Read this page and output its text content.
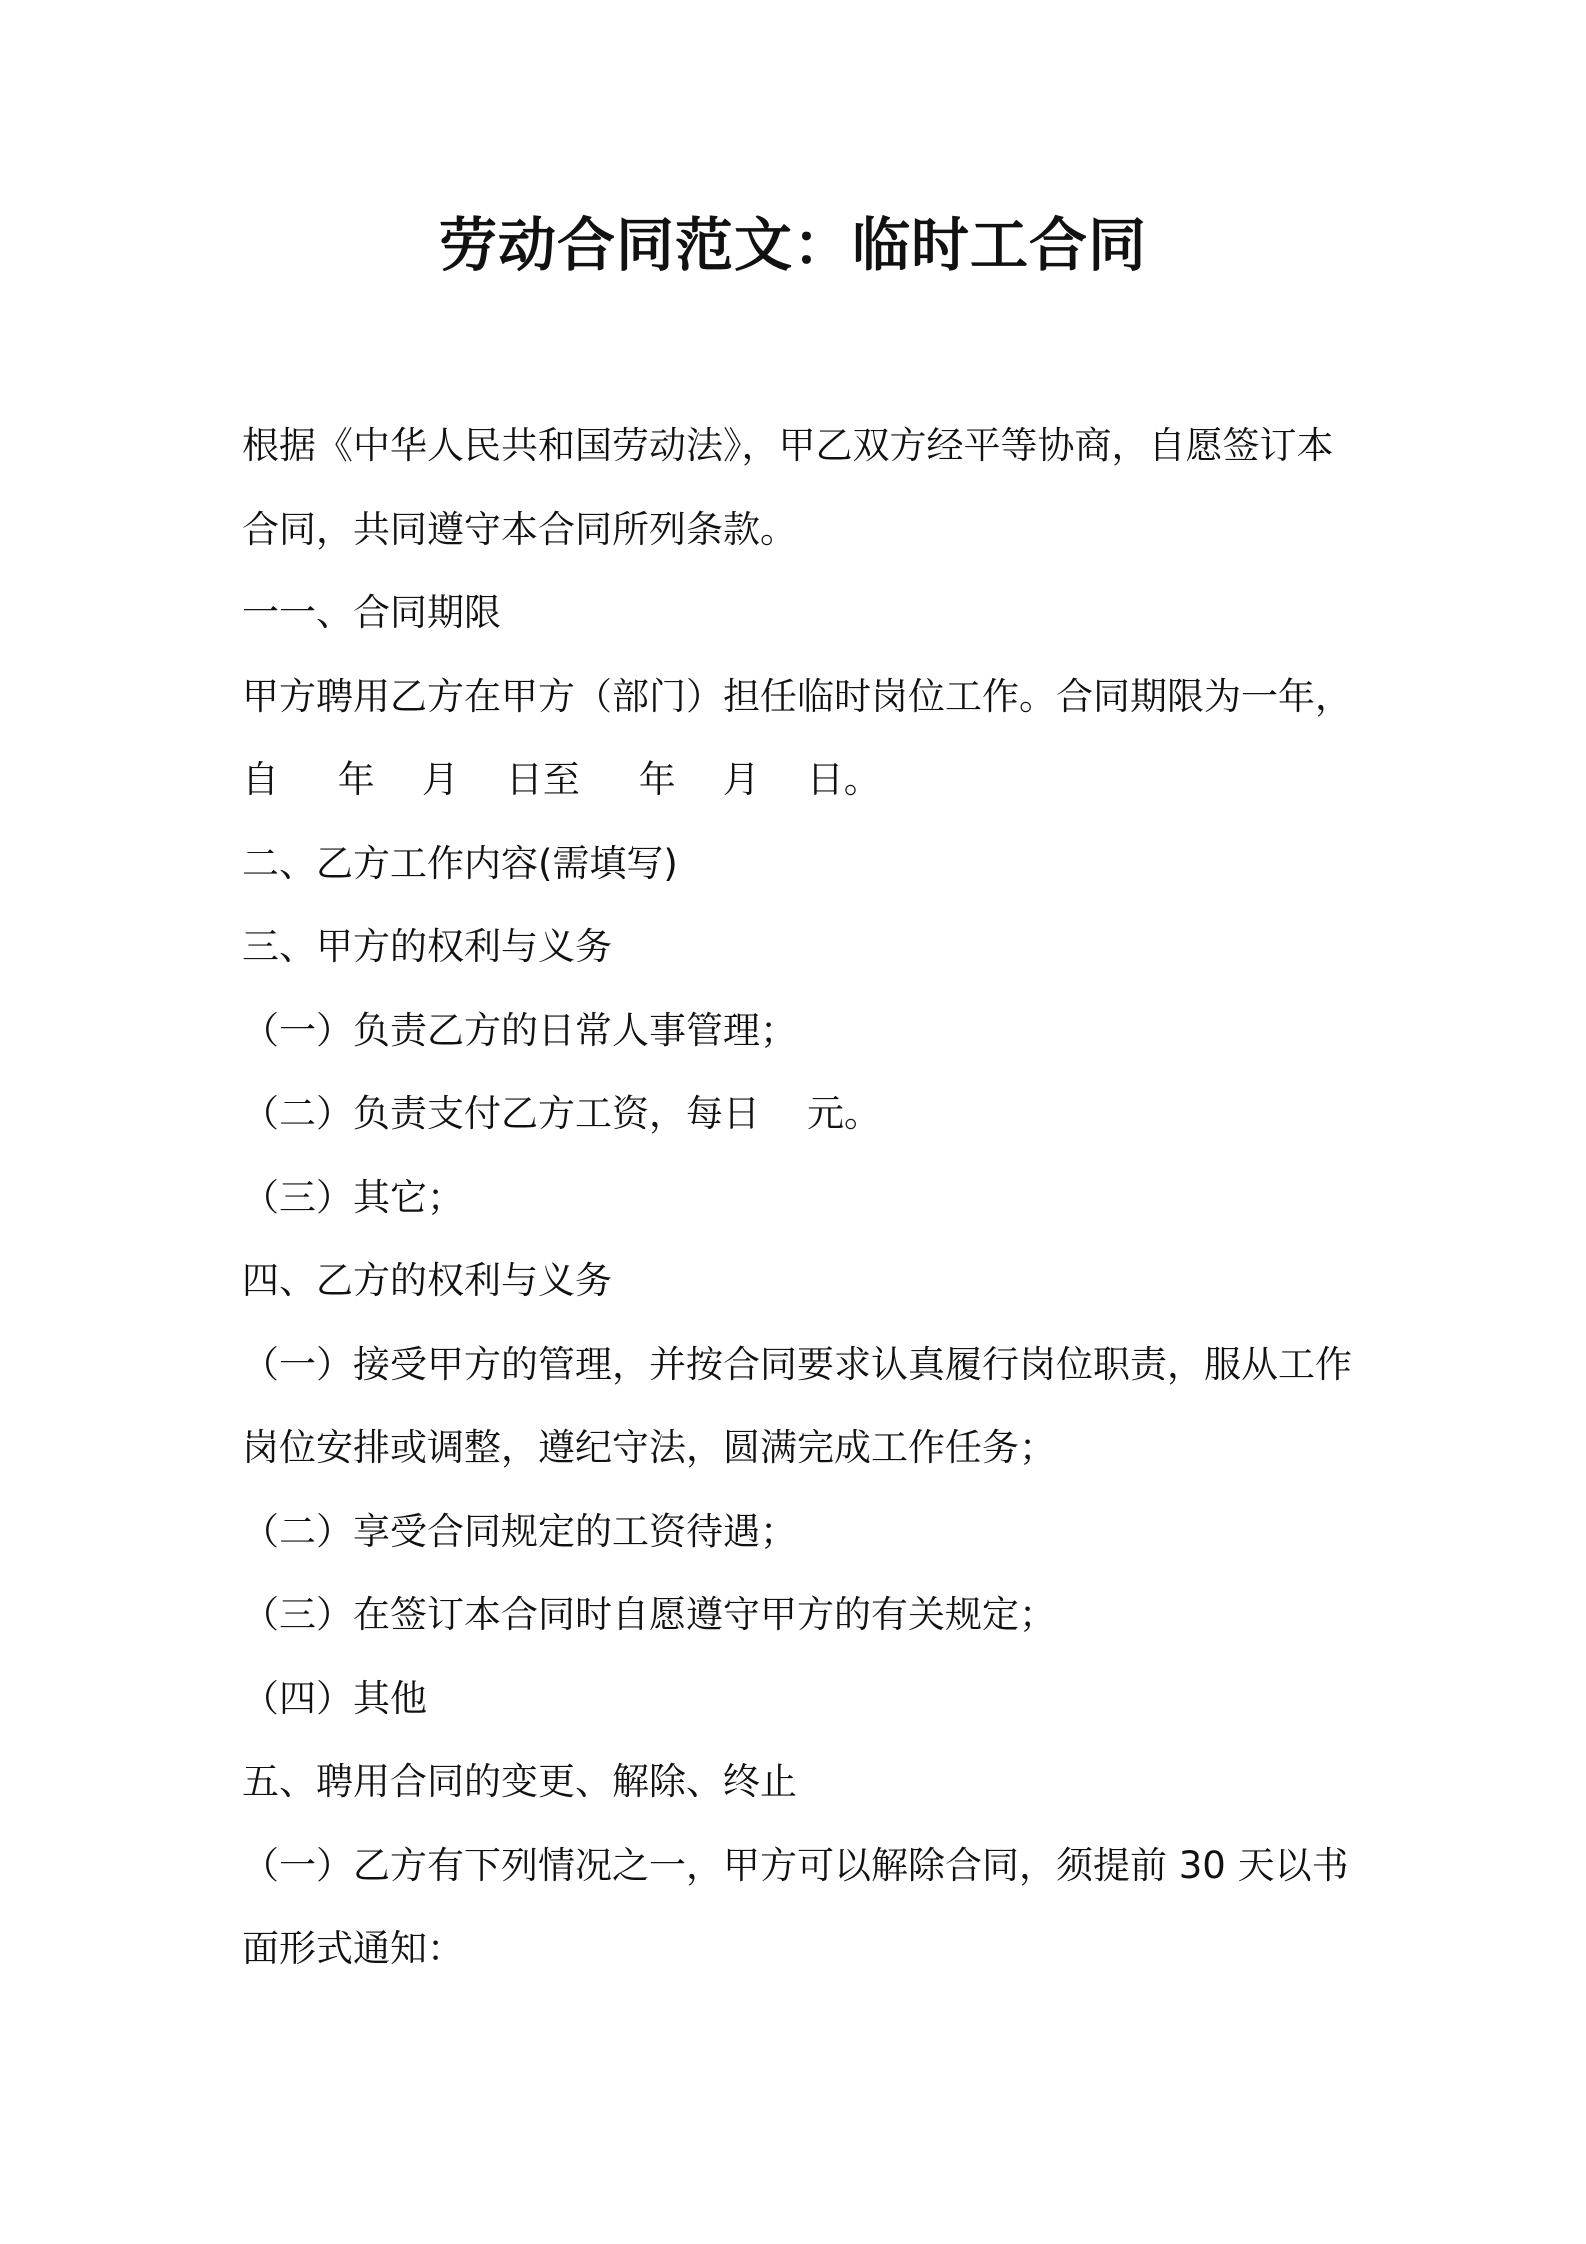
劳动合同范文：临时工合同

根据《中华人民共和国劳动法》，甲乙双方经平等协商，自愿签订本

合同，共同遵守本合同所列条款。

一一、合同期限

甲方聘用乙方在甲方（部门）担任临时岗位工作。合同期限为一年，

自     年    月    日至     年    月    日。

二、乙方工作内容(需填写)

三、甲方的权利与义务

（一）负责乙方的日常人事管理；

（二）负责支付乙方工资，每日    元。

（三）其它；

四、乙方的权利与义务

（一）接受甲方的管理，并按合同要求认真履行岗位职责，服从工作

岗位安排或调整，遵纪守法，圆满完成工作任务；

（二）享受合同规定的工资待遇；

（三）在签订本合同时自愿遵守甲方的有关规定；

（四）其他

五、聘用合同的变更、解除、终止

（一）乙方有下列情况之一，甲方可以解除合同，须提前 30 天以书

面形式通知：
